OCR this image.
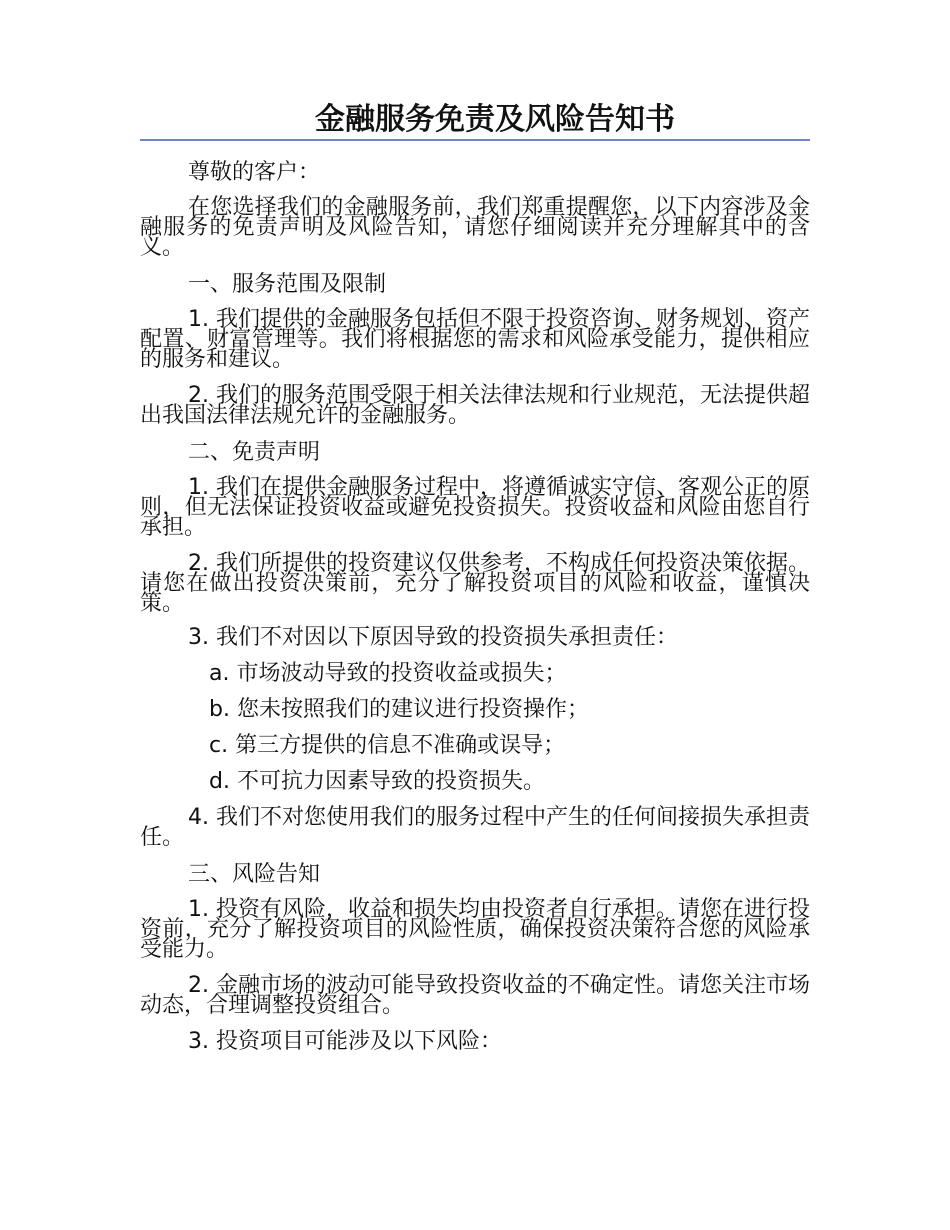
金融服务免责及风险告知书

尊敬的客户：

在您选择我们的金融服务前，我们郑重提醒您，以下内容涉及金融服务的免责声明及风险告知，请您仔细阅读并充分理解其中的含义。

一、服务范围及限制

1. 我们提供的金融服务包括但不限于投资咨询、财务规划、资产配置、财富管理等。我们将根据您的需求和风险承受能力，提供相应的服务和建议。

2. 我们的服务范围受限于相关法律法规和行业规范，无法提供超出我国法律法规允许的金融服务。

二、免责声明

1. 我们在提供金融服务过程中，将遵循诚实守信、客观公正的原则，但无法保证投资收益或避免投资损失。投资收益和风险由您自行承担。

2. 我们所提供的投资建议仅供参考，不构成任何投资决策依据。请您在做出投资决策前，充分了解投资项目的风险和收益，谨慎决策。

3. 我们不对因以下原因导致的投资损失承担责任：

a. 市场波动导致的投资收益或损失；

b. 您未按照我们的建议进行投资操作；

c. 第三方提供的信息不准确或误导；

d. 不可抗力因素导致的投资损失。

4. 我们不对您使用我们的服务过程中产生的任何间接损失承担责任。

三、风险告知

1. 投资有风险，收益和损失均由投资者自行承担。请您在进行投资前，充分了解投资项目的风险性质，确保投资决策符合您的风险承受能力。

2. 金融市场的波动可能导致投资收益的不确定性。请您关注市场动态，合理调整投资组合。

3. 投资项目可能涉及以下风险：
